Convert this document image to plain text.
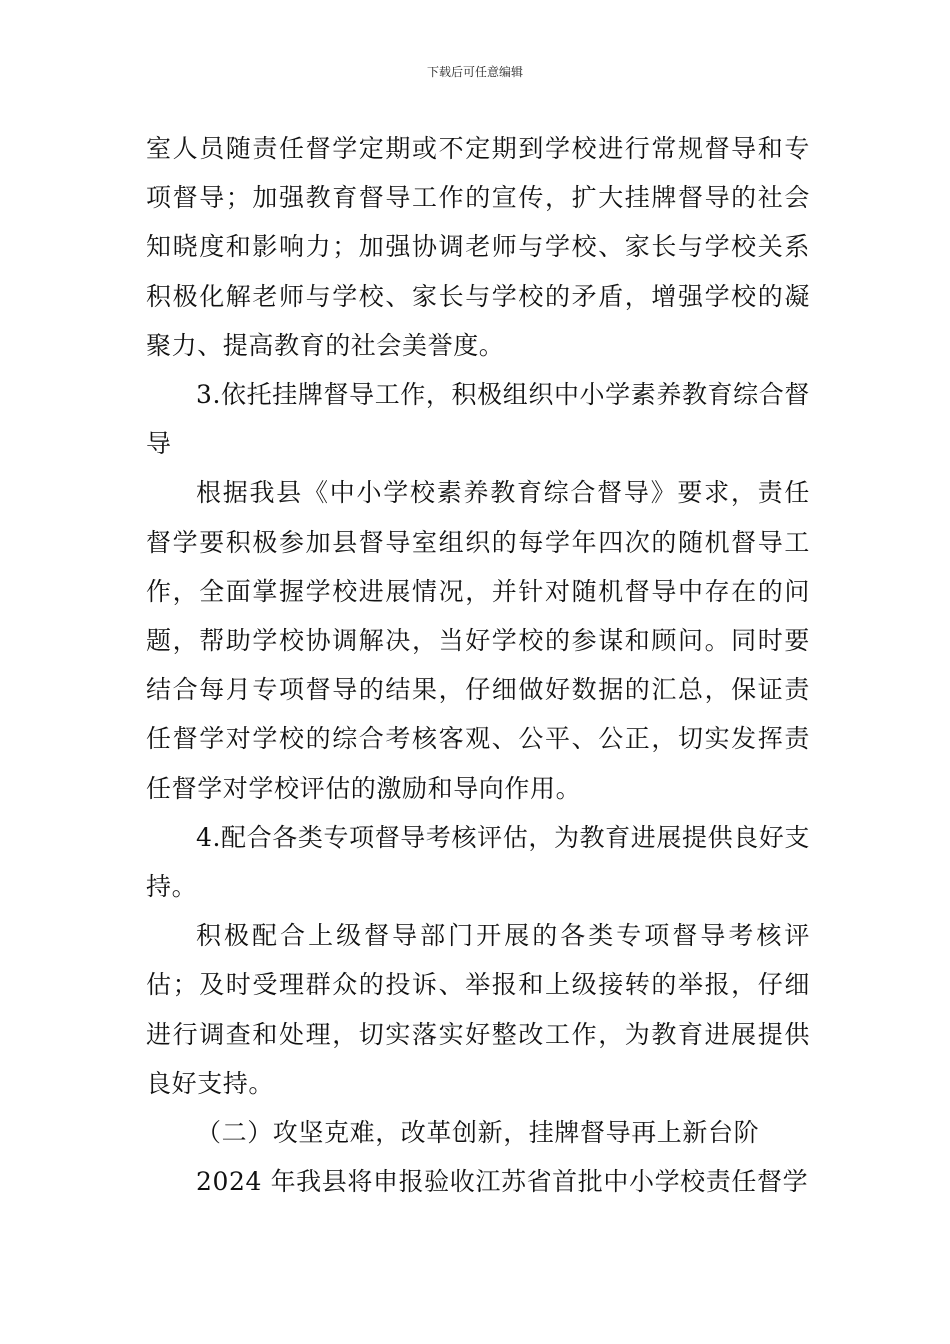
下载后可任意编辑

室人员随责任督学定期或不定期到学校进行常规督导和专项督导；加强教育督导工作的宣传，扩大挂牌督导的社会知晓度和影响力；加强协调老师与学校、家长与学校关系积极化解老师与学校、家长与学校的矛盾，增强学校的凝聚力、提高教育的社会美誉度。

3.依托挂牌督导工作，积极组织中小学素养教育综合督导

根据我县《中小学校素养教育综合督导》要求，责任督学要积极参加县督导室组织的每学年四次的随机督导工作，全面掌握学校进展情况，并针对随机督导中存在的问题，帮助学校协调解决，当好学校的参谋和顾问。同时要结合每月专项督导的结果，仔细做好数据的汇总，保证责任督学对学校的综合考核客观、公平、公正，切实发挥责任督学对学校评估的激励和导向作用。

4.配合各类专项督导考核评估，为教育进展提供良好支持。

积极配合上级督导部门开展的各类专项督导考核评估；及时受理群众的投诉、举报和上级接转的举报，仔细进行调查和处理，切实落实好整改工作，为教育进展提供良好支持。

（二）攻坚克难，改革创新，挂牌督导再上新台阶

2024 年我县将申报验收江苏省首批中小学校责任督学
